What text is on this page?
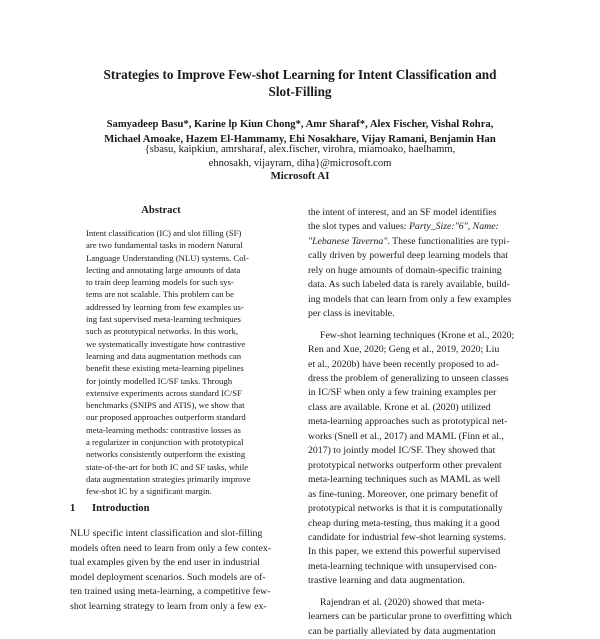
Strategies to Improve Few-shot Learning for Intent Classification and
Slot-Filling
Samyadeep Basu*, Karine lp Kiun Chong*, Amr Sharaf*, Alex Fischer, Vishal Rohra,
Michael Amoake, Hazem El-Hammamy, Ehi Nosakhare, Vijay Ramani, Benjamin Han
{sbasu, kaipkiun, amrsharaf, alex.fischer, virohra, miamoako, haelhamm,
ehnosakh, vijayram, diha}@microsoft.com
Microsoft AI
Abstract
Intent classification (IC) and slot filling (SF)
are two fundamental tasks in modern Natural
Language Understanding (NLU) systems. Col-
lecting and annotating large amounts of data
to train deep learning models for such sys-
tems are not scalable. This problem can be
addressed by learning from few examples us-
ing fast supervised meta-learning techniques
such as prototypical networks. In this work,
we systematically investigate how contrastive
learning and data augmentation methods can
benefit these existing meta-learning pipelines
for jointly modelled IC/SF tasks. Through
extensive experiments across standard IC/SF
benchmarks (SNIPS and ATIS), we show that
our proposed approaches outperform standard
meta-learning methods: contrastive losses as
a regularizer in conjunction with prototypical
networks consistently outperform the existing
state-of-the-art for both IC and SF tasks, while
data augmentation strategies primarily improve
few-shot IC by a significant margin.
1 Introduction
NLU specific intent classification and slot-filling
models often need to learn from only a few contex-
tual examples given by the end user in industrial
model deployment scenarios. Such models are of-
ten trained using meta-learning, a competitive few-
shot learning strategy to learn from only a few ex-
the intent of interest, and an SF model identifies
the slot types and values: Party_Size:"6", Name:
"Lebanese Taverna". These functionalities are typi-
cally driven by powerful deep learning models that
rely on huge amounts of domain-specific training
data. As such labeled data is rarely available, build-
ing models that can learn from only a few examples
per class is inevitable.
Few-shot learning techniques (Krone et al., 2020;
Ren and Xue, 2020; Geng et al., 2019, 2020; Liu
et al., 2020b) have been recently proposed to ad-
dress the problem of generalizing to unseen classes
in IC/SF when only a few training examples per
class are available. Krone et al. (2020) utilized
meta-learning approaches such as prototypical net-
works (Snell et al., 2017) and MAML (Finn et al.,
2017) to jointly model IC/SF. They showed that
prototypical networks outperform other prevalent
meta-learning techniques such as MAML as well
as fine-tuning. Moreover, one primary benefit of
prototypical networks is that it is computationally
cheap during meta-testing, thus making it a good
candidate for industrial few-shot learning systems.
In this paper, we extend this powerful supervised
meta-learning technique with unsupervised con-
trastive learning and data augmentation.
Rajendran et al. (2020) showed that meta-
learners can be particular prone to overfitting which
can be partially alleviated by data augmentation
